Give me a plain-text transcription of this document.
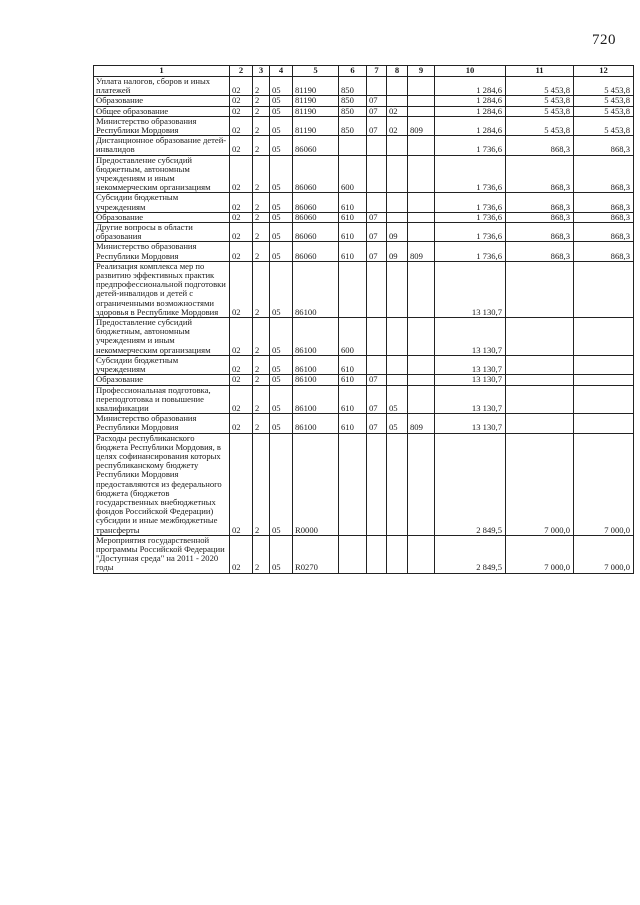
720
1	2	3	4	5	6	7	8	9	10	11	12
Уплата налогов, сборов и иных платежей	02	2	05	81190	850				1 284,6	5 453,8	5 453,8
Образование	02	2	05	81190	850	07			1 284,6	5 453,8	5 453,8
Общее образование	02	2	05	81190	850	07	02		1 284,6	5 453,8	5 453,8
Министерство образования Республики Мордовия	02	2	05	81190	850	07	02	809	1 284,6	5 453,8	5 453,8
Дистанционное образование детей-инвалидов	02	2	05	86060					1 736,6	868,3	868,3
Предоставление субсидий бюджетным, автономным учреждениям и иным некоммерческим организациям	02	2	05	86060	600				1 736,6	868,3	868,3
Субсидии бюджетным учреждениям	02	2	05	86060	610				1 736,6	868,3	868,3
Образование	02	2	05	86060	610	07			1 736,6	868,3	868,3
Другие вопросы в области образования	02	2	05	86060	610	07	09		1 736,6	868,3	868,3
Министерство образования Республики Мордовия	02	2	05	86060	610	07	09	809	1 736,6	868,3	868,3
Реализация комплекса мер по развитию эффективных практик предпрофессиональной подготовки детей-инвалидов и детей с ограниченными возможностями здоровья в Республике Мордовия	02	2	05	86100					13 130,7		
Предоставление субсидий бюджетным, автономным учреждениям и иным некоммерческим организациям	02	2	05	86100	600				13 130,7		
Субсидии бюджетным учреждениям	02	2	05	86100	610				13 130,7		
Образование	02	2	05	86100	610	07			13 130,7		
Профессиональная подготовка, переподготовка и повышение квалификации	02	2	05	86100	610	07	05		13 130,7		
Министерство образования Республики Мордовия	02	2	05	86100	610	07	05	809	13 130,7		
Расходы республиканского бюджета Республики Мордовия, в целях софинансирования которых республиканскому бюджету Республики Мордовия предоставляются из федерального бюджета (бюджетов государственных внебюджетных фондов Российской Федерации) субсидии и иные межбюджетные трансферты	02	2	05	R0000					2 849,5	7 000,0	7 000,0
Мероприятия государственной программы Российской Федерации "Доступная среда" на 2011 - 2020 годы	02	2	05	R0270					2 849,5	7 000,0	7 000,0
